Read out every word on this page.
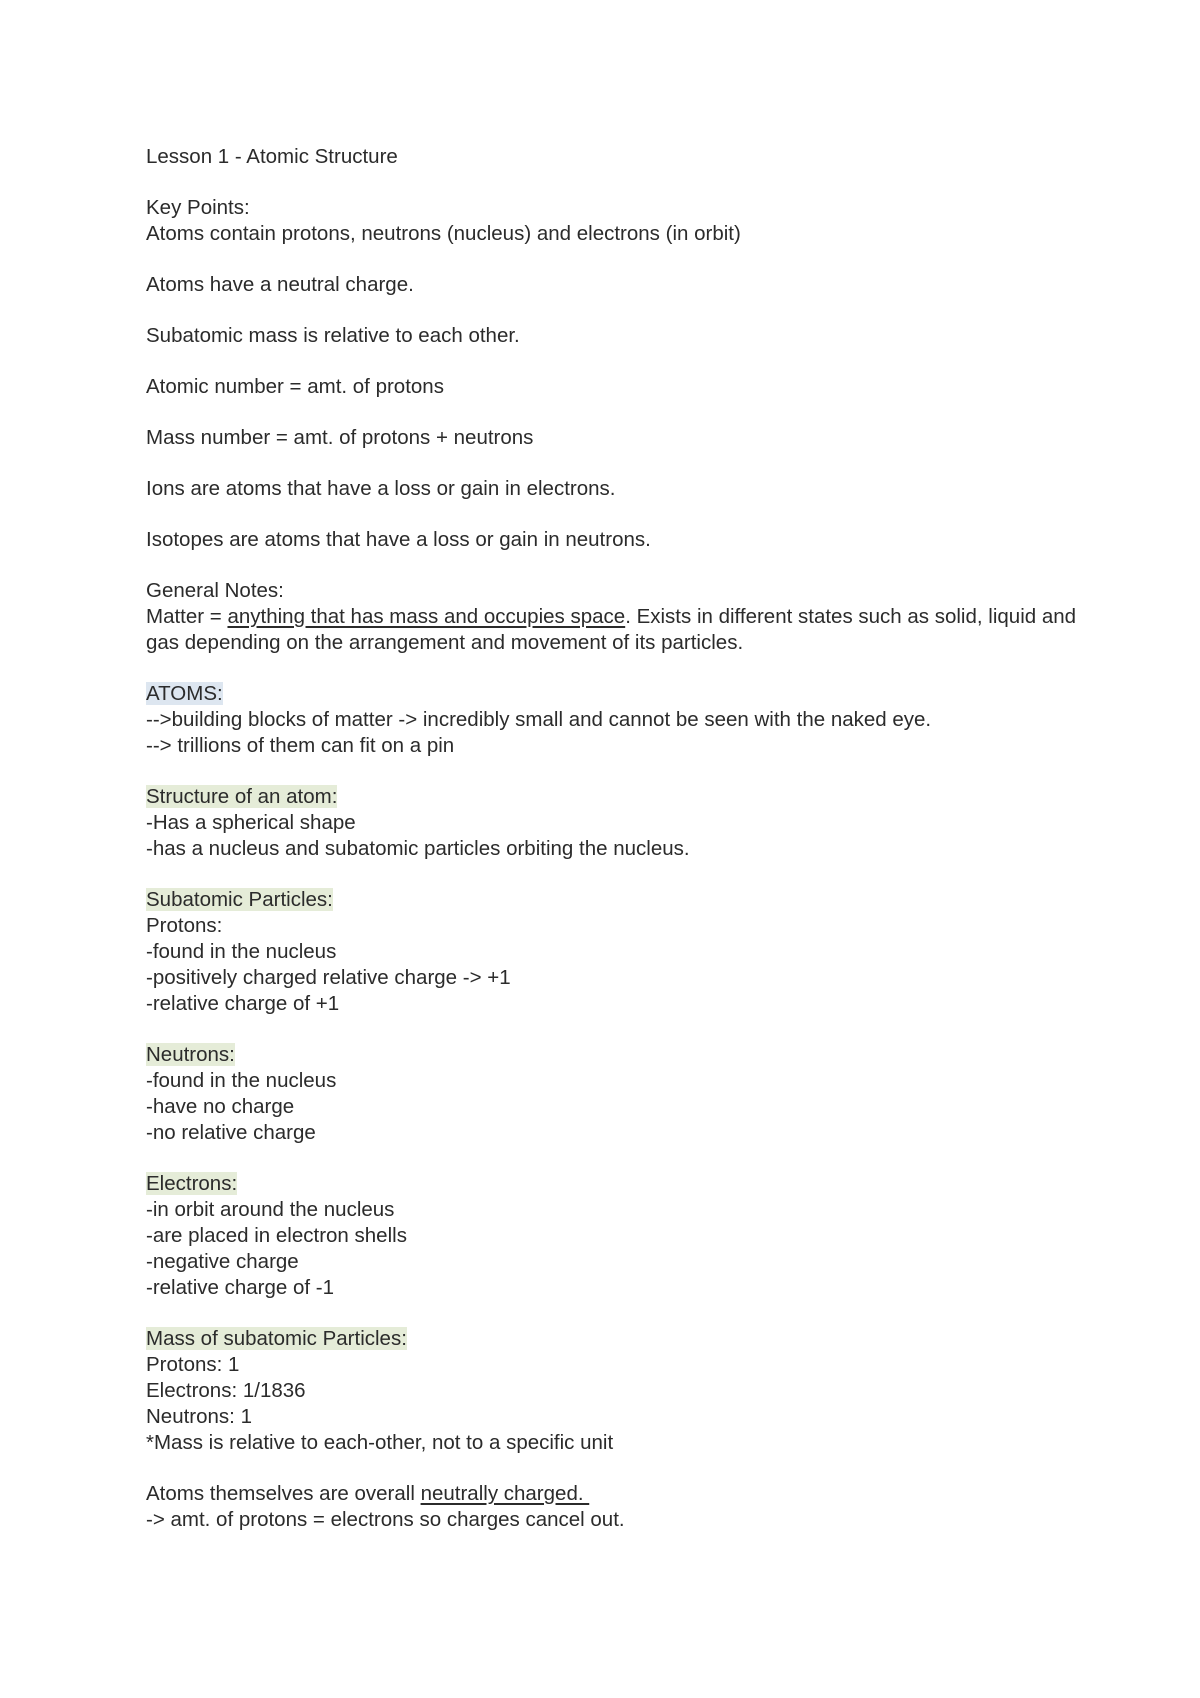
Lesson 1 - Atomic Structure

Key Points:

Atoms contain protons, neutrons (nucleus) and electrons (in orbit)

Atoms have a neutral charge.

Subatomic mass is relative to each other.

Atomic number = amt. of protons

Mass number = amt. of protons + neutrons

Ions are atoms that have a loss or gain in electrons.

Isotopes are atoms that have a loss or gain in neutrons.

General Notes:

Matter = anything that has mass and occupies space. Exists in different states such as solid, liquid and gas depending on the arrangement and movement of its particles.

ATOMS:

-->building blocks of matter -> incredibly small and cannot be seen with the naked eye.

--> trillions of them can fit on a pin

Structure of an atom:

-Has a spherical shape

-has a nucleus and subatomic particles orbiting the nucleus.

Subatomic Particles:

Protons:

-found in the nucleus

-positively charged relative charge -> +1

-relative charge of +1

Neutrons:

-found in the nucleus

-have no charge

-no relative charge

Electrons:

-in orbit around the nucleus

-are placed in electron shells

-negative charge

-relative charge of -1

Mass of subatomic Particles:

Protons: 1

Electrons: 1/1836

Neutrons: 1

*Mass is relative to each-other, not to a specific unit

Atoms themselves are overall neutrally charged.

-> amt. of protons = electrons so charges cancel out.
